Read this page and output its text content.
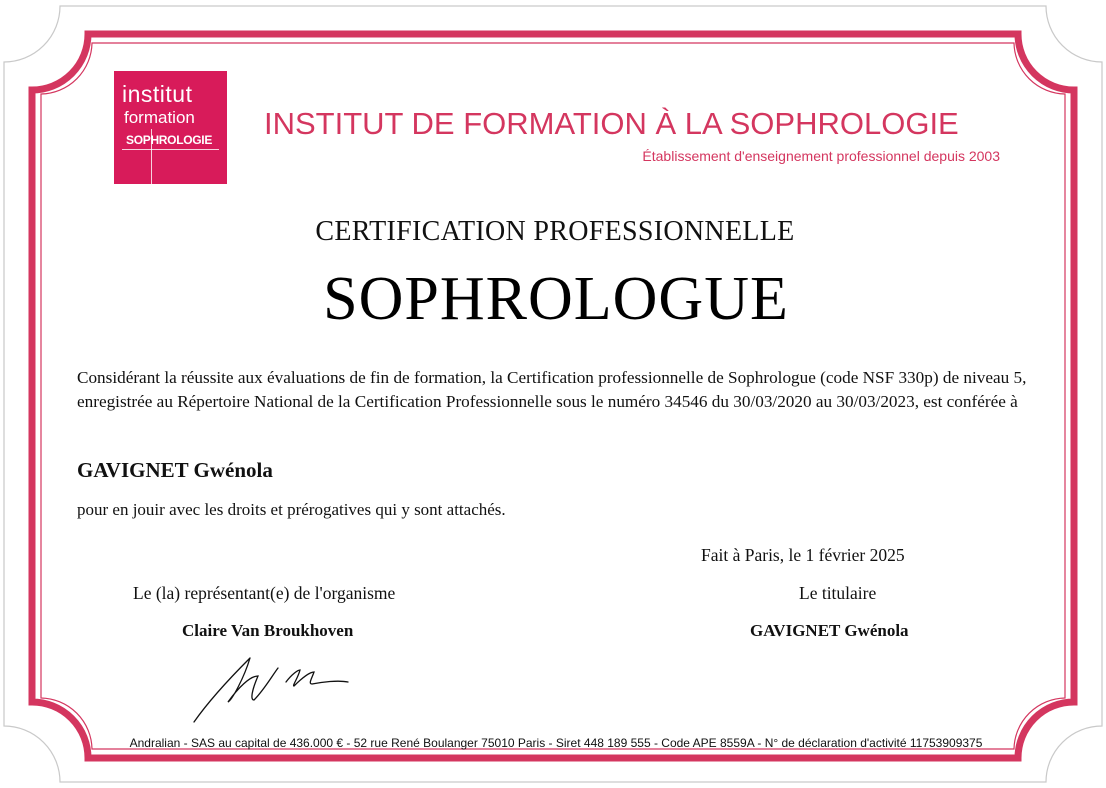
institut
formation
SOPHROLOGIE INSTITUT DE FORMATION À LA SOPHROLOGIE
Établissement d'enseignement professionnel depuis 2003
CERTIFICATION PROFESSIONNELLE
SOPHROLOGUE
Considérant la réussite aux évaluations de fin de formation, la Certification professionnelle de Sophrologue (code NSF 330p) de niveau 5, enregistrée au Répertoire National de la Certification Professionnelle sous le numéro 34546 du 30/03/2020 au 30/03/2023, est conférée à
GAVIGNET Gwénola
pour en jouir avec les droits et prérogatives qui y sont attachés.
Fait à Paris, le 1 février 2025
Le (la) représentant(e) de l'organisme	Le titulaire
Claire Van Broukhoven	GAVIGNET Gwénola
Andralian - SAS au capital de 436.000 € - 52 rue René Boulanger 75010 Paris - Siret 448 189 555 - Code APE 8559A - N° de déclaration d'activité 11753909375
